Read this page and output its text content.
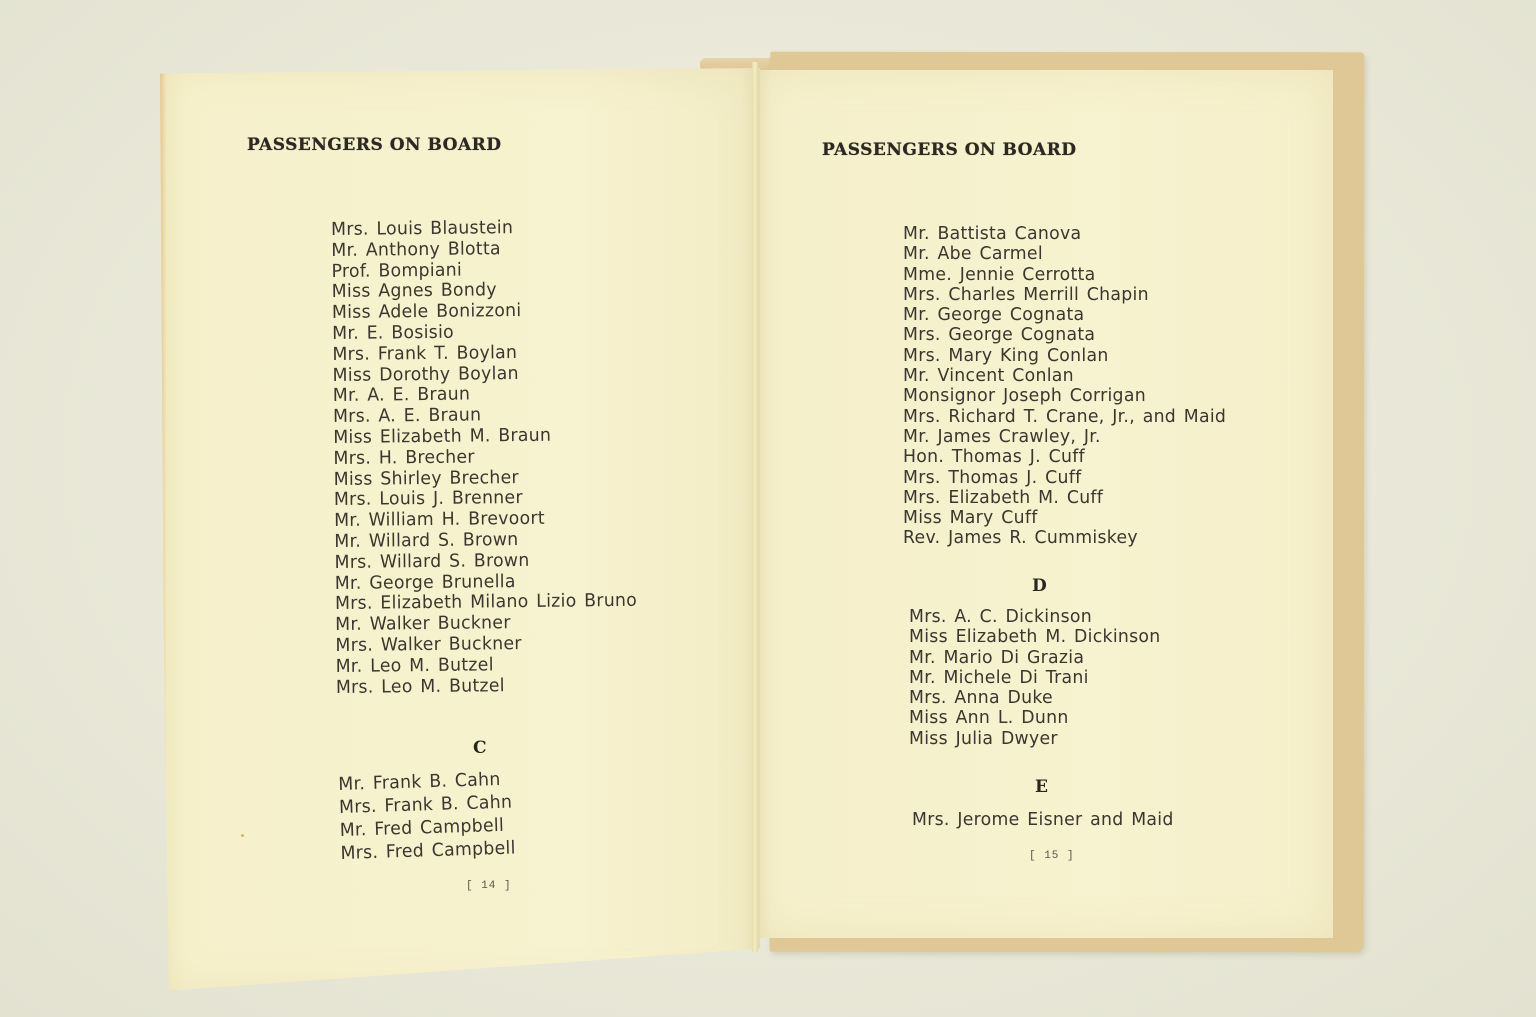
PASSENGERS ON BOARD
Mrs. Louis Blaustein
Mr. Anthony Blotta
Prof. Bompiani
Miss Agnes Bondy
Miss Adele Bonizzoni
Mr. E. Bosisio
Mrs. Frank T. Boylan
Miss Dorothy Boylan
Mr. A. E. Braun
Mrs. A. E. Braun
Miss Elizabeth M. Braun
Mrs. H. Brecher
Miss Shirley Brecher
Mrs. Louis J. Brenner
Mr. William H. Brevoort
Mr. Willard S. Brown
Mrs. Willard S. Brown
Mr. George Brunella
Mrs. Elizabeth Milano Lizio Bruno
Mr. Walker Buckner
Mrs. Walker Buckner
Mr. Leo M. Butzel
Mrs. Leo M. Butzel
C
Mr. Frank B. Cahn
Mrs. Frank B. Cahn
Mr. Fred Campbell
Mrs. Fred Campbell
[ 14 ]
PASSENGERS ON BOARD
Mr. Battista Canova
Mr. Abe Carmel
Mme. Jennie Cerrotta
Mrs. Charles Merrill Chapin
Mr. George Cognata
Mrs. George Cognata
Mrs. Mary King Conlan
Mr. Vincent Conlan
Monsignor Joseph Corrigan
Mrs. Richard T. Crane, Jr., and Maid
Mr. James Crawley, Jr.
Hon. Thomas J. Cuff
Mrs. Thomas J. Cuff
Mrs. Elizabeth M. Cuff
Miss Mary Cuff
Rev. James R. Cummiskey
D
Mrs. A. C. Dickinson
Miss Elizabeth M. Dickinson
Mr. Mario Di Grazia
Mr. Michele Di Trani
Mrs. Anna Duke
Miss Ann L. Dunn
Miss Julia Dwyer
E
Mrs. Jerome Eisner and Maid
[ 15 ]
